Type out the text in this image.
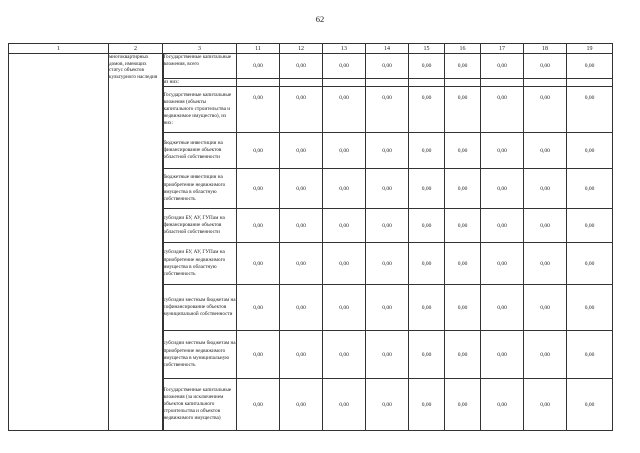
62
1	2	3	11	12	13	14	15	16	17	18	19
	многоквартирных домов, имеющих статус объектов культурного наследия	Государственные капитальные вложения, всего	0,00	0,00	0,00	0,00	0,00	0,00	0,00	0,00	0,00
		из них:									
		Государственные капитальные вложения (объекты капитального строительства и недвижимое имущество), из них:	0,00	0,00	0,00	0,00	0,00	0,00	0,00	0,00	0,00
		бюджетные инвестиции на финансирование объектов областной собственности	0,00	0,00	0,00	0,00	0,00	0,00	0,00	0,00	0,00
		бюджетные инвестиции на приобретение недвижимого имущества в областную собственность	0,00	0,00	0,00	0,00	0,00	0,00	0,00	0,00	0,00
		субсидии БУ, АУ, ГУПам на финансирование объектов областной собственности	0,00	0,00	0,00	0,00	0,00	0,00	0,00	0,00	0,00
		субсидии БУ, АУ, ГУПам на приобретение недвижимого имущества в областную собственность	0,00	0,00	0,00	0,00	0,00	0,00	0,00	0,00	0,00
		субсидии местным бюджетам на софинансирование объектов муниципальной собственности	0,00	0,00	0,00	0,00	0,00	0,00	0,00	0,00	0,00
		субсидии местным бюджетам на приобретение недвижимого имущества в муниципальную собственность	0,00	0,00	0,00	0,00	0,00	0,00	0,00	0,00	0,00
		Государственные капитальные вложения (за исключением объектов капитального строительства и объектов недвижимого имущества)	0,00	0,00	0,00	0,00	0,00	0,00	0,00	0,00	0,00
